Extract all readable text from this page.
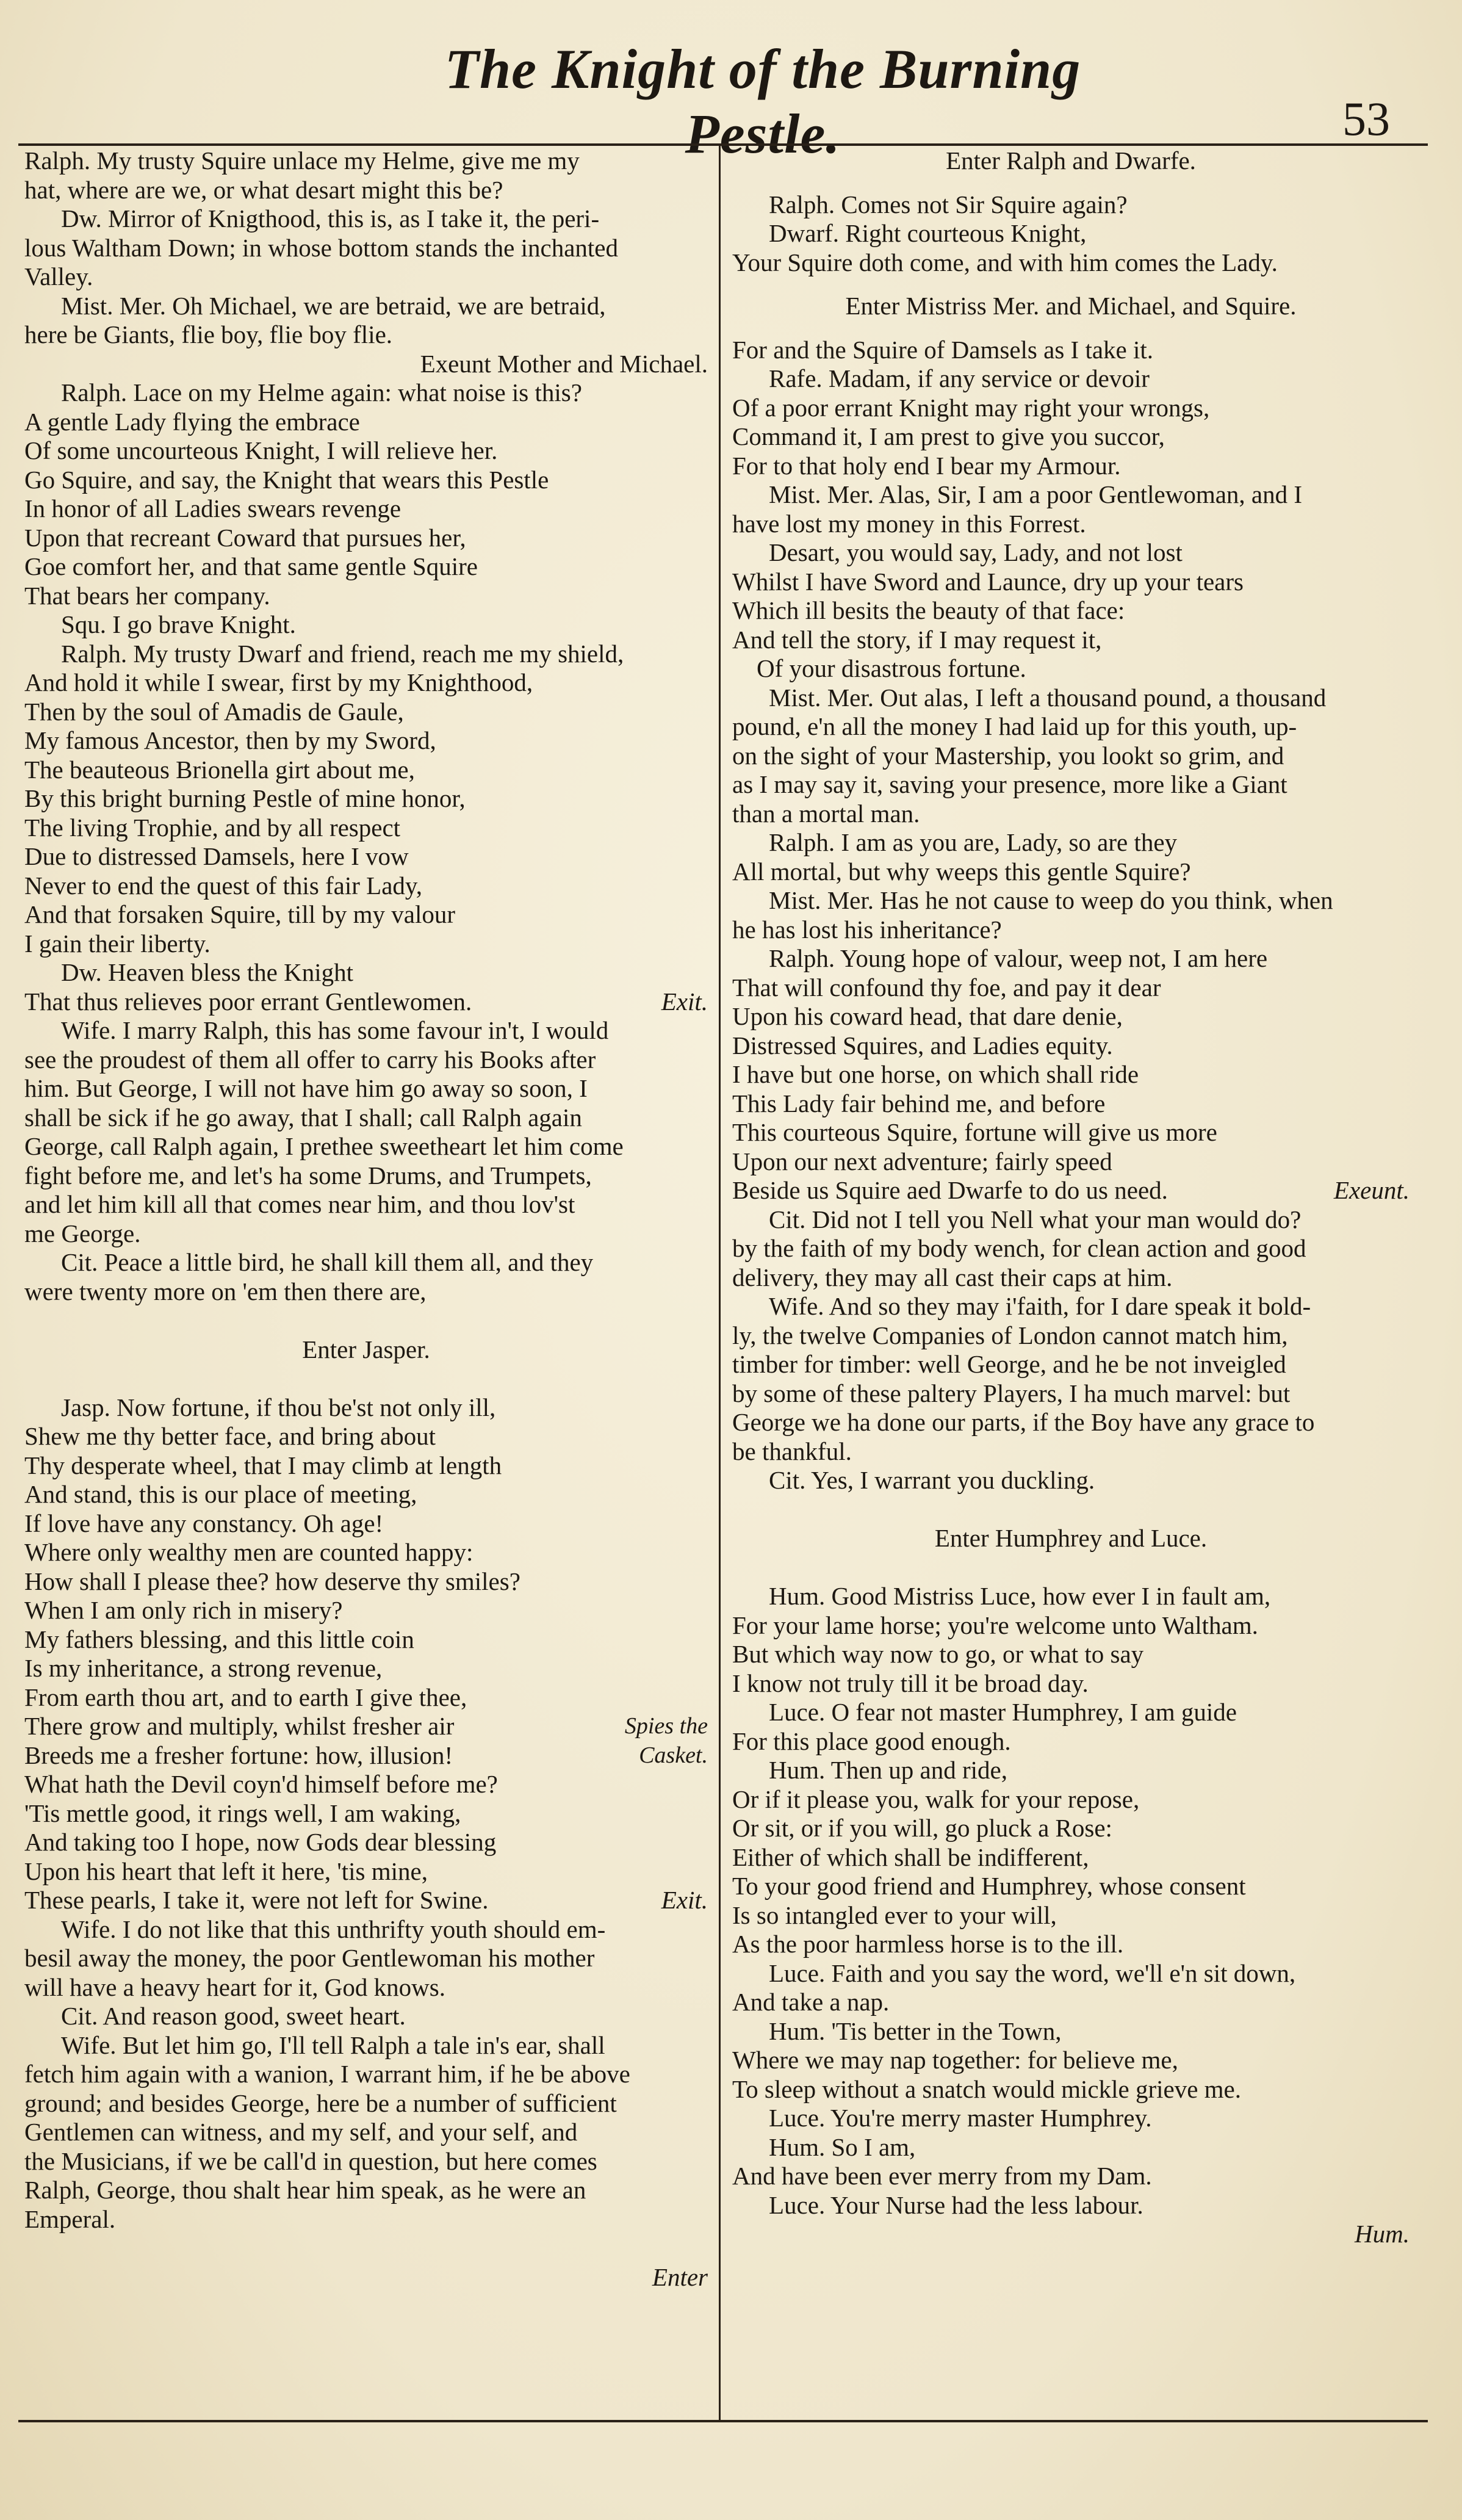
The Knight of the Burning Pestle.	53
Ralph. My trusty Squire unlace my Helme, give me my
hat, where are we, or what desart might this be?
Dw. Mirror of Knigthood, this is, as I take it, the peri-
lous Waltham Down; in whose bottom stands the inchanted
Valley.
Mist. Mer. Oh Michael, we are betraid, we are betraid,
here be Giants, flie boy, flie boy flie.
Exeunt Mother and Michael.
Ralph. Lace on my Helme again: what noise is this?
A gentle Lady flying the embrace
Of some uncourteous Knight, I will relieve her.
Go Squire, and say, the Knight that wears this Pestle
In honor of all Ladies swears revenge
Upon that recreant Coward that pursues her,
Goe comfort her, and that same gentle Squire
That bears her company.
Squ. I go brave Knight.
Ralph. My trusty Dwarf and friend, reach me my shield,
And hold it while I swear, first by my Knighthood,
Then by the soul of Amadis de Gaule,
My famous Ancestor, then by my Sword,
The beauteous Brionella girt about me,
By this bright burning Pestle of mine honor,
The living Trophie, and by all respect
Due to distressed Damsels, here I vow
Never to end the quest of this fair Lady,
And that forsaken Squire, till by my valour
I gain their liberty.
Dw. Heaven bless the Knight
That thus relieves poor errant Gentlewomen.	Exit.
Wife. I marry Ralph, this has some favour in't, I would
see the proudest of them all offer to carry his Books after
him. But George, I will not have him go away so soon, I
shall be sick if he go away, that I shall; call Ralph again
George, call Ralph again, I prethee sweetheart let him come
fight before me, and let's ha some Drums, and Trumpets,
and let him kill all that comes near him, and thou lov'st
me George.
Cit. Peace a little bird, he shall kill them all, and they
were twenty more on 'em then there are,
Enter Jasper.
Jasp. Now fortune, if thou be'st not only ill,
Shew me thy better face, and bring about
Thy desperate wheel, that I may climb at length
And stand, this is our place of meeting,
If love have any constancy. Oh age!
Where only wealthy men are counted happy:
How shall I please thee? how deserve thy smiles?
When I am only rich in misery?
My fathers blessing, and this little coin
Is my inheritance, a strong revenue,
From earth thou art, and to earth I give thee,
There grow and multiply, whilst fresher air	Spies the
Breeds me a fresher fortune: how, illusion!	Casket.
What hath the Devil coyn'd himself before me?
'Tis mettle good, it rings well, I am waking,
And taking too I hope, now Gods dear blessing
Upon his heart that left it here, 'tis mine,
These pearls, I take it, were not left for Swine.	Exit.
Wife. I do not like that this unthrifty youth should em-
besil away the money, the poor Gentlewoman his mother
will have a heavy heart for it, God knows.
Cit. And reason good, sweet heart.
Wife. But let him go, I'll tell Ralph a tale in's ear, shall
fetch him again with a wanion, I warrant him, if he be above
ground; and besides George, here be a number of sufficient
Gentlemen can witness, and my self, and your self, and
the Musicians, if we be call'd in question, but here comes
Ralph, George, thou shalt hear him speak, as he were an
Emperal.
Enter
Enter Ralph and Dwarfe.
Ralph. Comes not Sir Squire again?
Dwarf. Right courteous Knight,
Your Squire doth come, and with him comes the Lady.
Enter Mistriss Mer. and Michael, and Squire.
For and the Squire of Damsels as I take it.
Rafe. Madam, if any service or devoir
Of a poor errant Knight may right your wrongs,
Command it, I am prest to give you succor,
For to that holy end I bear my Armour.
Mist. Mer. Alas, Sir, I am a poor Gentlewoman, and I
have lost my money in this Forrest.
Desart, you would say, Lady, and not lost
Whilst I have Sword and Launce, dry up your tears
Which ill besits the beauty of that face:
And tell the story, if I may request it,
Of your disastrous fortune.
Mist. Mer. Out alas, I left a thousand pound, a thousand
pound, e'n all the money I had laid up for this youth, up-
on the sight of your Mastership, you lookt so grim, and
as I may say it, saving your presence, more like a Giant
than a mortal man.
Ralph. I am as you are, Lady, so are they
All mortal, but why weeps this gentle Squire?
Mist. Mer. Has he not cause to weep do you think, when
he has lost his inheritance?
Ralph. Young hope of valour, weep not, I am here
That will confound thy foe, and pay it dear
Upon his coward head, that dare denie,
Distressed Squires, and Ladies equity.
I have but one horse, on which shall ride
This Lady fair behind me, and before
This courteous Squire, fortune will give us more
Upon our next adventure; fairly speed
Beside us Squire aed Dwarfe to do us need.	Exeunt.
Cit. Did not I tell you Nell what your man would do?
by the faith of my body wench, for clean action and good
delivery, they may all cast their caps at him.
Wife. And so they may i'faith, for I dare speak it bold-
ly, the twelve Companies of London cannot match him,
timber for timber: well George, and he be not inveigled
by some of these paltery Players, I ha much marvel: but
George we ha done our parts, if the Boy have any grace to
be thankful.
Cit. Yes, I warrant you duckling.
Enter Humphrey and Luce.
Hum. Good Mistriss Luce, how ever I in fault am,
For your lame horse; you're welcome unto Waltham.
But which way now to go, or what to say
I know not truly till it be broad day.
Luce. O fear not master Humphrey, I am guide
For this place good enough.
Hum. Then up and ride,
Or if it please you, walk for your repose,
Or sit, or if you will, go pluck a Rose:
Either of which shall be indifferent,
To your good friend and Humphrey, whose consent
Is so intangled ever to your will,
As the poor harmless horse is to the ill.
Luce. Faith and you say the word, we'll e'n sit down,
And take a nap.
Hum. 'Tis better in the Town,
Where we may nap together: for believe me,
To sleep without a snatch would mickle grieve me.
Luce. You're merry master Humphrey.
Hum. So I am,
And have been ever merry from my Dam.
Luce. Your Nurse had the less labour.
Hum.
